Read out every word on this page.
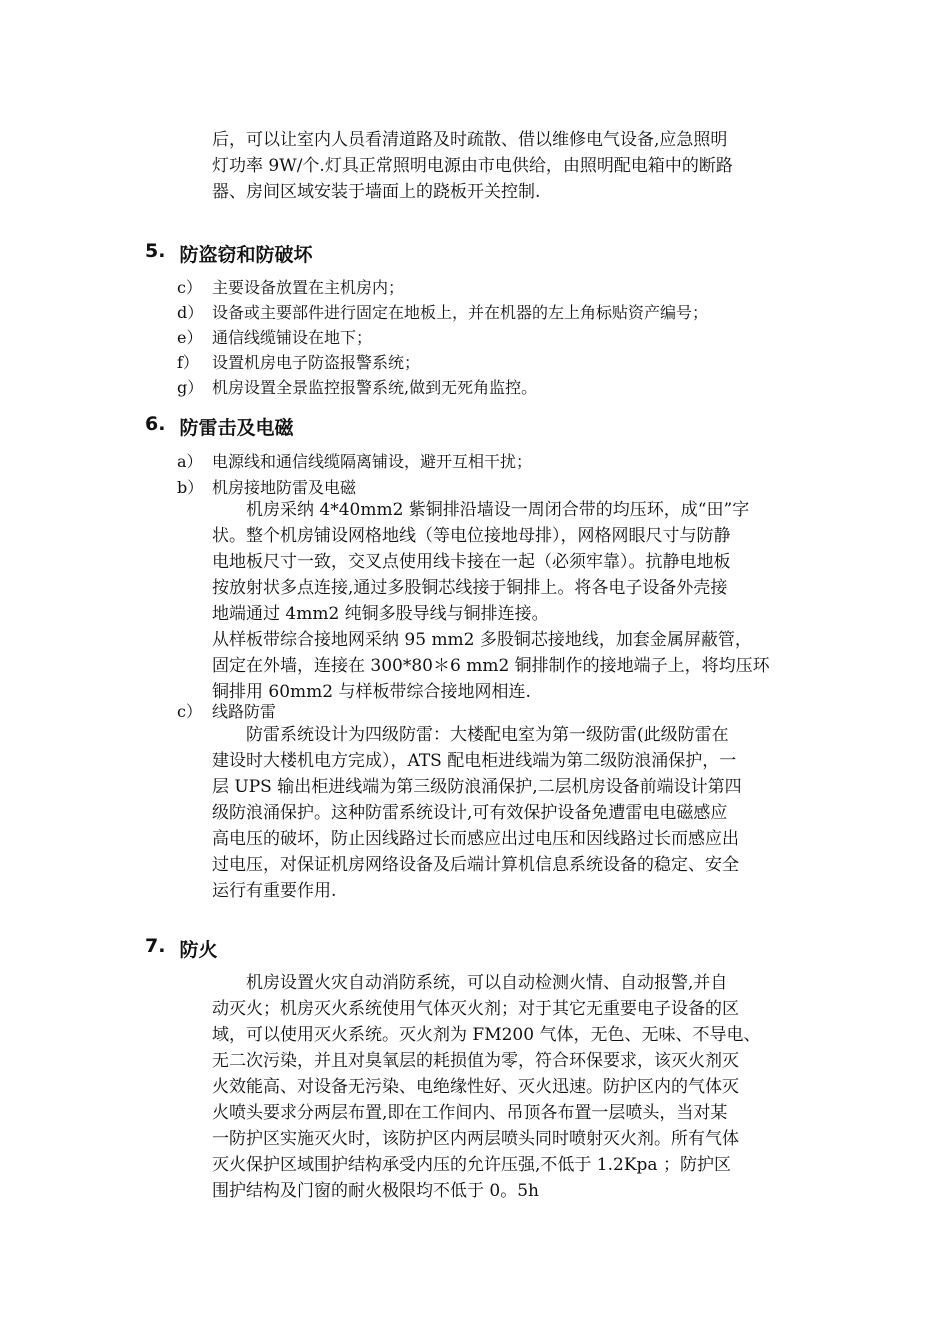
后，可以让室内人员看清道路及时疏散、借以维修电气设备,应急照明
灯功率 9W/个.灯具正常照明电源由市电供给，由照明配电箱中的断路
器、房间区域安装于墙面上的跷板开关控制.
5. 防盗窃和防破坏
c） 主要设备放置在主机房内；
d） 设备或主要部件进行固定在地板上，并在机器的左上角标贴资产编号；
e） 通信线缆铺设在地下；
f） 设置机房电子防盗报警系统；
g） 机房设置全景监控报警系统,做到无死角监控。
6. 防雷击及电磁
a） 电源线和通信线缆隔离铺设，避开互相干扰；
b） 机房接地防雷及电磁
　　机房采纳 4*40mm2 紫铜排沿墙设一周闭合带的均压环，成“田”字
状。整个机房铺设网格地线（等电位接地母排），网格网眼尺寸与防静
电地板尺寸一致，交叉点使用线卡接在一起（必须牢靠）。抗静电地板
按放射状多点连接,通过多股铜芯线接于铜排上。将各电子设备外壳接
地端通过 4mm2 纯铜多股导线与铜排连接。
从样板带综合接地网采纳 95 mm2 多股铜芯接地线，加套金属屏蔽管，
固定在外墙，连接在 300*80＊6 mm2 铜排制作的接地端子上，将均压环
铜排用 60mm2 与样板带综合接地网相连.
c） 线路防雷
　　防雷系统设计为四级防雷：大楼配电室为第一级防雷(此级防雷在
建设时大楼机电方完成），ATS 配电柜进线端为第二级防浪涌保护，一
层 UPS 输出柜进线端为第三级防浪涌保护,二层机房设备前端设计第四
级防浪涌保护。这种防雷系统设计,可有效保护设备免遭雷电电磁感应
高电压的破坏，防止因线路过长而感应出过电压和因线路过长而感应出
过电压，对保证机房网络设备及后端计算机信息系统设备的稳定、安全
运行有重要作用.
7. 防火
　　机房设置火灾自动消防系统，可以自动检测火情、自动报警,并自
动灭火；机房灭火系统使用气体灭火剂；对于其它无重要电子设备的区
域，可以使用灭火系统。灭火剂为 FM200 气体，无色、无味、不导电、
无二次污染，并且对臭氧层的耗损值为零，符合环保要求，该灭火剂灭
火效能高、对设备无污染、电绝缘性好、灭火迅速。防护区内的气体灭
火喷头要求分两层布置,即在工作间内、吊顶各布置一层喷头，当对某
一防护区实施灭火时，该防护区内两层喷头同时喷射灭火剂。所有气体
灭火保护区域围护结构承受内压的允许压强,不低于 1.2Kpa ；防护区
围护结构及门窗的耐火极限均不低于 0。5h
